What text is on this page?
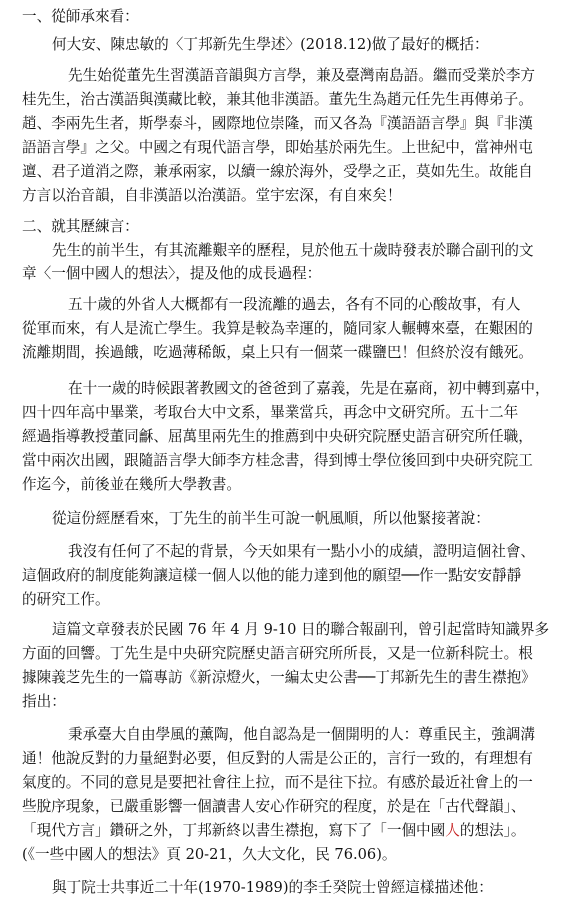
一、從師承來看：
何大安、陳忠敏的〈丁邦新先生學述〉(2018.12)做了最好的概括：
先生始從董先生習漢語音韻與方言學，兼及臺灣南島語。繼而受業於李方
桂先生，治古漢語與漢藏比較，兼其他非漢語。董先生為趙元任先生再傳弟子。
趙、李兩先生者，斯學泰斗，國際地位崇隆，而又各為『漢語語言學』與『非漢
語語言學』之父。中國之有現代語言學，即始基於兩先生。上世紀中，當神州屯
邅、君子道消之際，兼承兩家，以續一線於海外，受學之正，莫如先生。故能自
方言以治音韻，自非漢語以治漢語。堂宇宏深，有自來矣！
二、就其歷練言：
先生的前半生，有其流離艱辛的歷程，見於他五十歲時發表於聯合副刊的文
章〈一個中國人的想法〉，提及他的成長過程：
五十歲的外省人大概都有一段流離的過去，各有不同的心酸故事，有人
從軍而來，有人是流亡學生。我算是較為幸運的，隨同家人輾轉來臺，在艱困的
流離期間，挨過餓，吃過薄稀飯，桌上只有一個菜一碟鹽巴！但終於沒有餓死。
在十一歲的時候跟著教國文的爸爸到了嘉義，先是在嘉商，初中轉到嘉中，
四十四年高中畢業，考取台大中文系，畢業當兵，再念中文研究所。五十二年
經過指導教授董同龢、屈萬里兩先生的推薦到中央研究院歷史語言研究所任職，
當中兩次出國，跟隨語言學大師李方桂念書，得到博士學位後回到中央研究院工
作迄今，前後並在幾所大學教書。
從這份經歷看來，丁先生的前半生可說一帆風順，所以他緊接著說：
我沒有任何了不起的背景，今天如果有一點小小的成績，證明這個社會、
這個政府的制度能夠讓這樣一個人以他的能力達到他的願望──作一點安安靜靜
的研究工作。
這篇文章發表於民國 76 年 4 月 9-10 日的聯合報副刊，曾引起當時知識界多
方面的回響。丁先生是中央研究院歷史語言研究所所長，又是一位新科院士。根
據陳義芝先生的一篇專訪《新涼燈火，一編太史公書──丁邦新先生的書生襟抱》
指出：
秉承臺大自由學風的薰陶，他自認為是一個開明的人：尊重民主，強調溝
通！他說反對的力量絕對必要，但反對的人需是公正的，言行一致的，有理想有
氣度的。不同的意見是要把社會往上拉，而不是往下拉。有感於最近社會上的一
些脫序現象，已嚴重影響一個讀書人安心作研究的程度，於是在「古代聲韻」、
「現代方言」鑽研之外，丁邦新終以書生襟抱，寫下了「一個中國人的想法」。
(《一些中國人的想法》頁 20-21，久大文化，民 76.06)。
與丁院士共事近二十年(1970-1989)的李壬癸院士曾經這樣描述他：
